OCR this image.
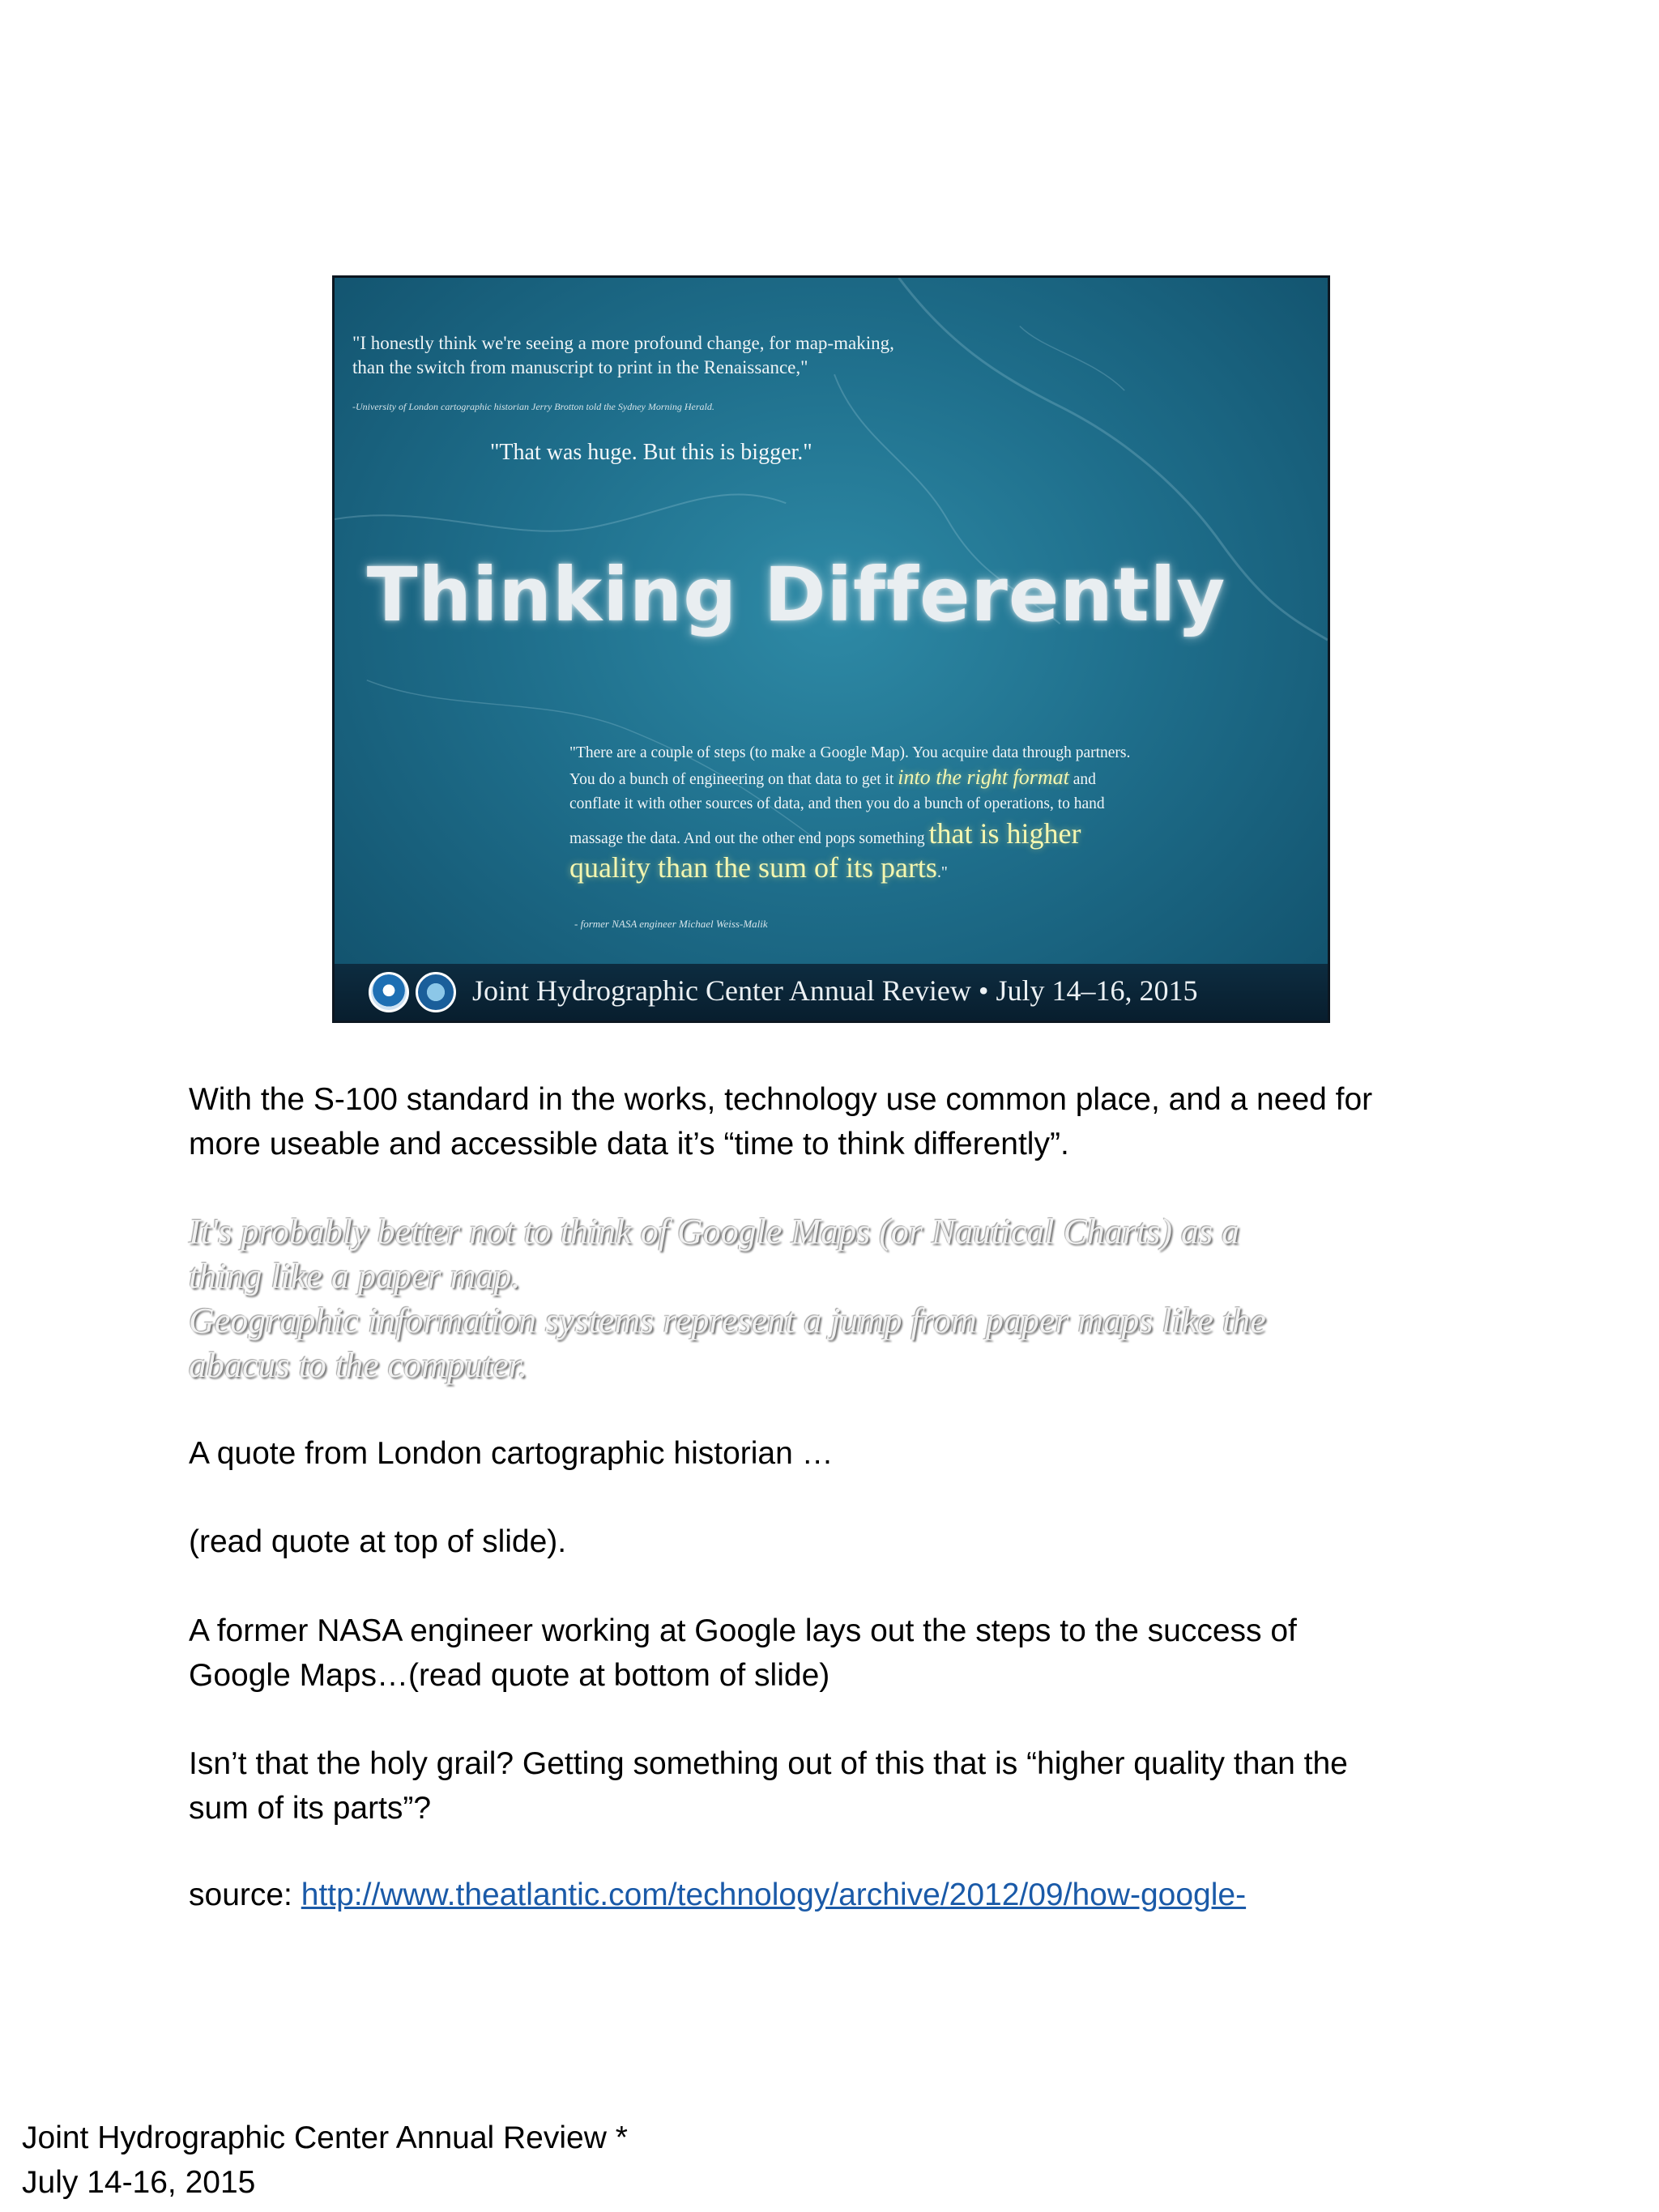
"I honestly think we're seeing a more profound change, for map-making,
than the switch from manuscript to print in the Renaissance,"
-University of London cartographic historian Jerry Brotton told the Sydney Morning Herald.
"That was huge. But this is bigger."
Thinking Differently
"There are a couple of steps (to make a Google Map). You acquire data through partners.
You do a bunch of engineering on that data to get it into the right format and
conflate it with other sources of data, and then you do a bunch of operations, to hand
massage the data. And out the other end pops something that is higher
quality than the sum of its parts."
- former NASA engineer Michael Weiss-Malik
Joint Hydrographic Center Annual Review • July 14–16, 2015
With the S-100 standard in the works, technology use common place, and a need for
more useable and accessible data it’s “time to think differently”.
It's probably better not to think of Google Maps (or Nautical Charts) as a
thing like a paper map.
Geographic information systems represent a jump from paper maps like the
abacus to the computer.
A quote from London cartographic historian …
(read quote at top of slide).
A former NASA engineer working at Google lays out the steps to the success of
Google Maps…(read quote at bottom of slide)
Isn’t that the holy grail? Getting something out of this that is “higher quality than the
sum of its parts”?
source: http://www.theatlantic.com/technology/archive/2012/09/how-google-
Joint Hydrographic Center Annual Review *
July 14-16, 2015
